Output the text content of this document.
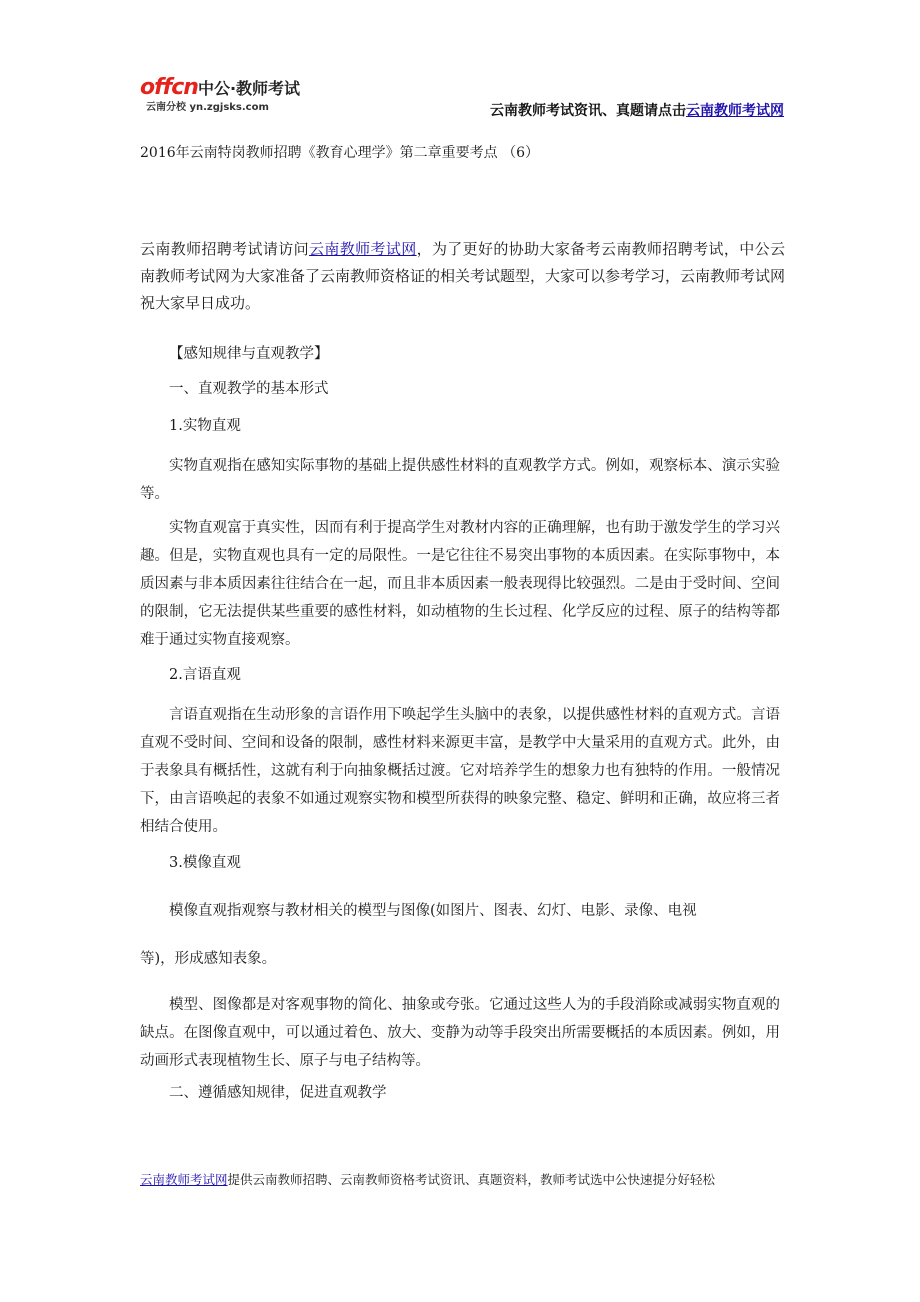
offcn中公·教师考试
云南分校 yn.zgjsks.com	云南教师考试资讯、真题请点击云南教师考试网
2016年云南特岗教师招聘《教育心理学》第二章重要考点 （6）
云南教师招聘考试请访问云南教师考试网，为了更好的协助大家备考云南教师招聘考试，中公云南教师考试网为大家准备了云南教师资格证的相关考试题型，大家可以参考学习，云南教师考试网祝大家早日成功。

【感知规律与直观教学】

一、直观教学的基本形式

1.实物直观

实物直观指在感知实际事物的基础上提供感性材料的直观教学方式。例如，观察标本、演示实验等。

实物直观富于真实性，因而有利于提高学生对教材内容的正确理解，也有助于激发学生的学习兴趣。但是，实物直观也具有一定的局限性。一是它往往不易突出事物的本质因素。在实际事物中，本质因素与非本质因素往往结合在一起，而且非本质因素一般表现得比较强烈。二是由于受时间、空间的限制，它无法提供某些重要的感性材料，如动植物的生长过程、化学反应的过程、原子的结构等都难于通过实物直接观察。

2.言语直观

言语直观指在生动形象的言语作用下唤起学生头脑中的表象，以提供感性材料的直观方式。言语直观不受时间、空间和设备的限制，感性材料来源更丰富，是教学中大量采用的直观方式。此外，由于表象具有概括性，这就有利于向抽象概括过渡。它对培养学生的想象力也有独特的作用。一般情况下，由言语唤起的表象不如通过观察实物和模型所获得的映象完整、稳定、鲜明和正确，故应将三者相结合使用。

3.模像直观

模像直观指观察与教材相关的模型与图像(如图片、图表、幻灯、电影、录像、电视

等)，形成感知表象。

模型、图像都是对客观事物的简化、抽象或夸张。它通过这些人为的手段消除或减弱实物直观的缺点。在图像直观中，可以通过着色、放大、变静为动等手段突出所需要概括的本质因素。例如，用动画形式表现植物生长、原子与电子结构等。

二、遵循感知规律，促进直观教学

云南教师考试网提供云南教师招聘、云南教师资格考试资讯、真题资料，教师考试选中公快速提分好轻松
